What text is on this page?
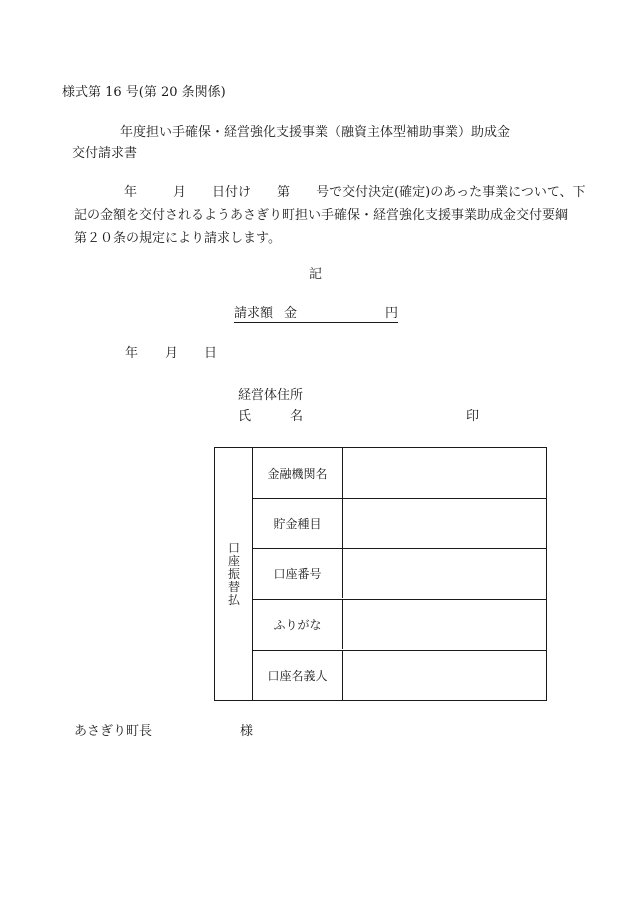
様式第 16 号(第 20 条関係)
年度担い手確保・経営強化支援事業（融資主体型補助事業）助成金
交付請求書
年	月 日付け 第 号で交付決定(確定)のあった事業について、下
記の金額を交付されるようあさぎり町担い手確保・経営強化支援事業助成金交付要綱
第２０条の規定により請求します。
記
請求額 金	円

年 月 日
経営体住所
氏	名	印
口座振替払
金融機関名
貯金種目
口座番号
ふりがな
口座名義人
あさぎり町長	様
